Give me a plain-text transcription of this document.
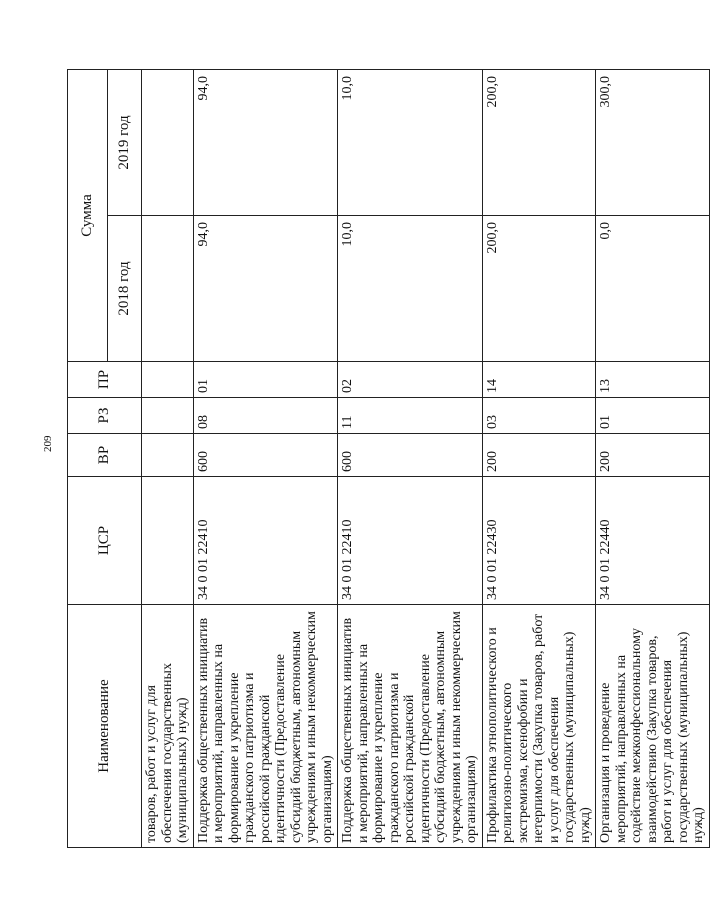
209
Наименование	ЦСР	ВР	РЗ	ПР	Сумма	
					2018 год	2019 год
товаров, работ и услуг для обеспечения государственных (муниципальных) нужд)						
Поддержка общественных инициатив и мероприятий, направленных на формирование и укрепление гражданского патриотизма и российской гражданской идентичности (Предоставление субсидий бюджетным, автономным учреждениям и иным некоммерческим организациям)	34 0 01 22410	600	08	01	94,0	94,0
Поддержка общественных инициатив и мероприятий, направленных на формирование и укрепление гражданского патриотизма и российской гражданской идентичности (Предоставление субсидий бюджетным, автономным учреждениям и иным некоммерческим организациям)	34 0 01 22410	600	11	02	10,0	10,0
Профилактика этнополитического и религиозно-политического экстремизма, ксенофобии и нетерпимости (Закупка товаров, работ и услуг для обеспечения государственных (муниципальных) нужд)	34 0 01 22430	200	03	14	200,0	200,0
Организация и проведение мероприятий, направленных на содействие межконфессиональному взаимодействию (Закупка товаров, работ и услуг для обеспечения государственных (муниципальных) нужд)	34 0 01 22440	200	01	13	0,0	300,0
